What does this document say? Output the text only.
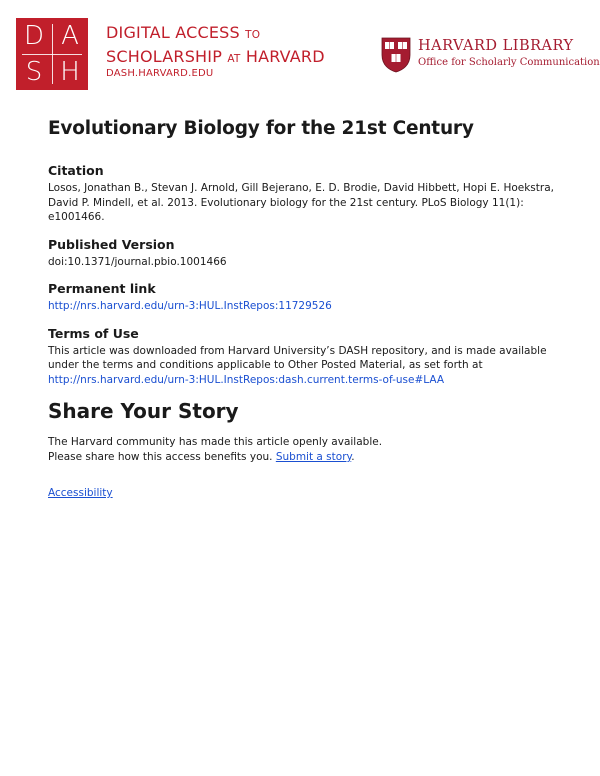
D A
S H
DIGITAL ACCESS TO
SCHOLARSHIP AT HARVARD
DASH.HARVARD.EDU
HARVARD LIBRARY
Office for Scholarly Communication
Evolutionary Biology for the 21st Century
Citation
Losos, Jonathan B., Stevan J. Arnold, Gill Bejerano, E. D. Brodie, David Hibbett, Hopi E. Hoekstra, David P. Mindell, et al. 2013. Evolutionary biology for the 21st century. PLoS Biology 11(1): e1001466.
Published Version
doi:10.1371/journal.pbio.1001466
Permanent link
http://nrs.harvard.edu/urn-3:HUL.InstRepos:11729526
Terms of Use
This article was downloaded from Harvard University’s DASH repository, and is made available under the terms and conditions applicable to Other Posted Material, as set forth at http://nrs.harvard.edu/urn-3:HUL.InstRepos:dash.current.terms-of-use#LAA
Share Your Story
The Harvard community has made this article openly available.
Please share how this access benefits you. Submit a story.
Accessibility
